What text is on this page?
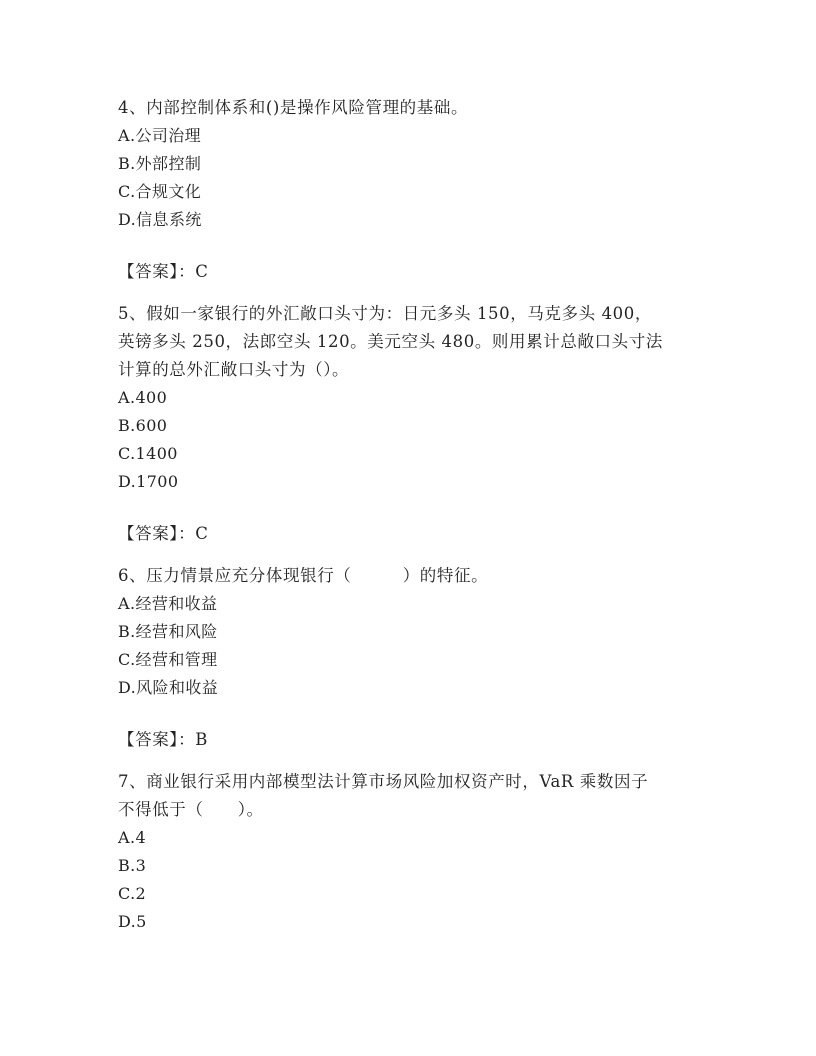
4、内部控制体系和()是操作风险管理的基础。

A.公司治理

B.外部控制

C.合规文化

D.信息系统

【答案】：C

5、假如一家银行的外汇敞口头寸为：日元多头 150，马克多头 400，

英镑多头 250，法郎空头 120。美元空头 480。则用累计总敞口头寸法

计算的总外汇敞口头寸为（）。

A.400

B.600

C.1400

D.1700

【答案】：C

6、压力情景应充分体现银行（　　　）的特征。

A.经营和收益

B.经营和风险

C.经营和管理

D.风险和收益

【答案】：B

7、商业银行采用内部模型法计算市场风险加权资产时，VaR 乘数因子

不得低于（　　）。

A.4

B.3

C.2

D.5
